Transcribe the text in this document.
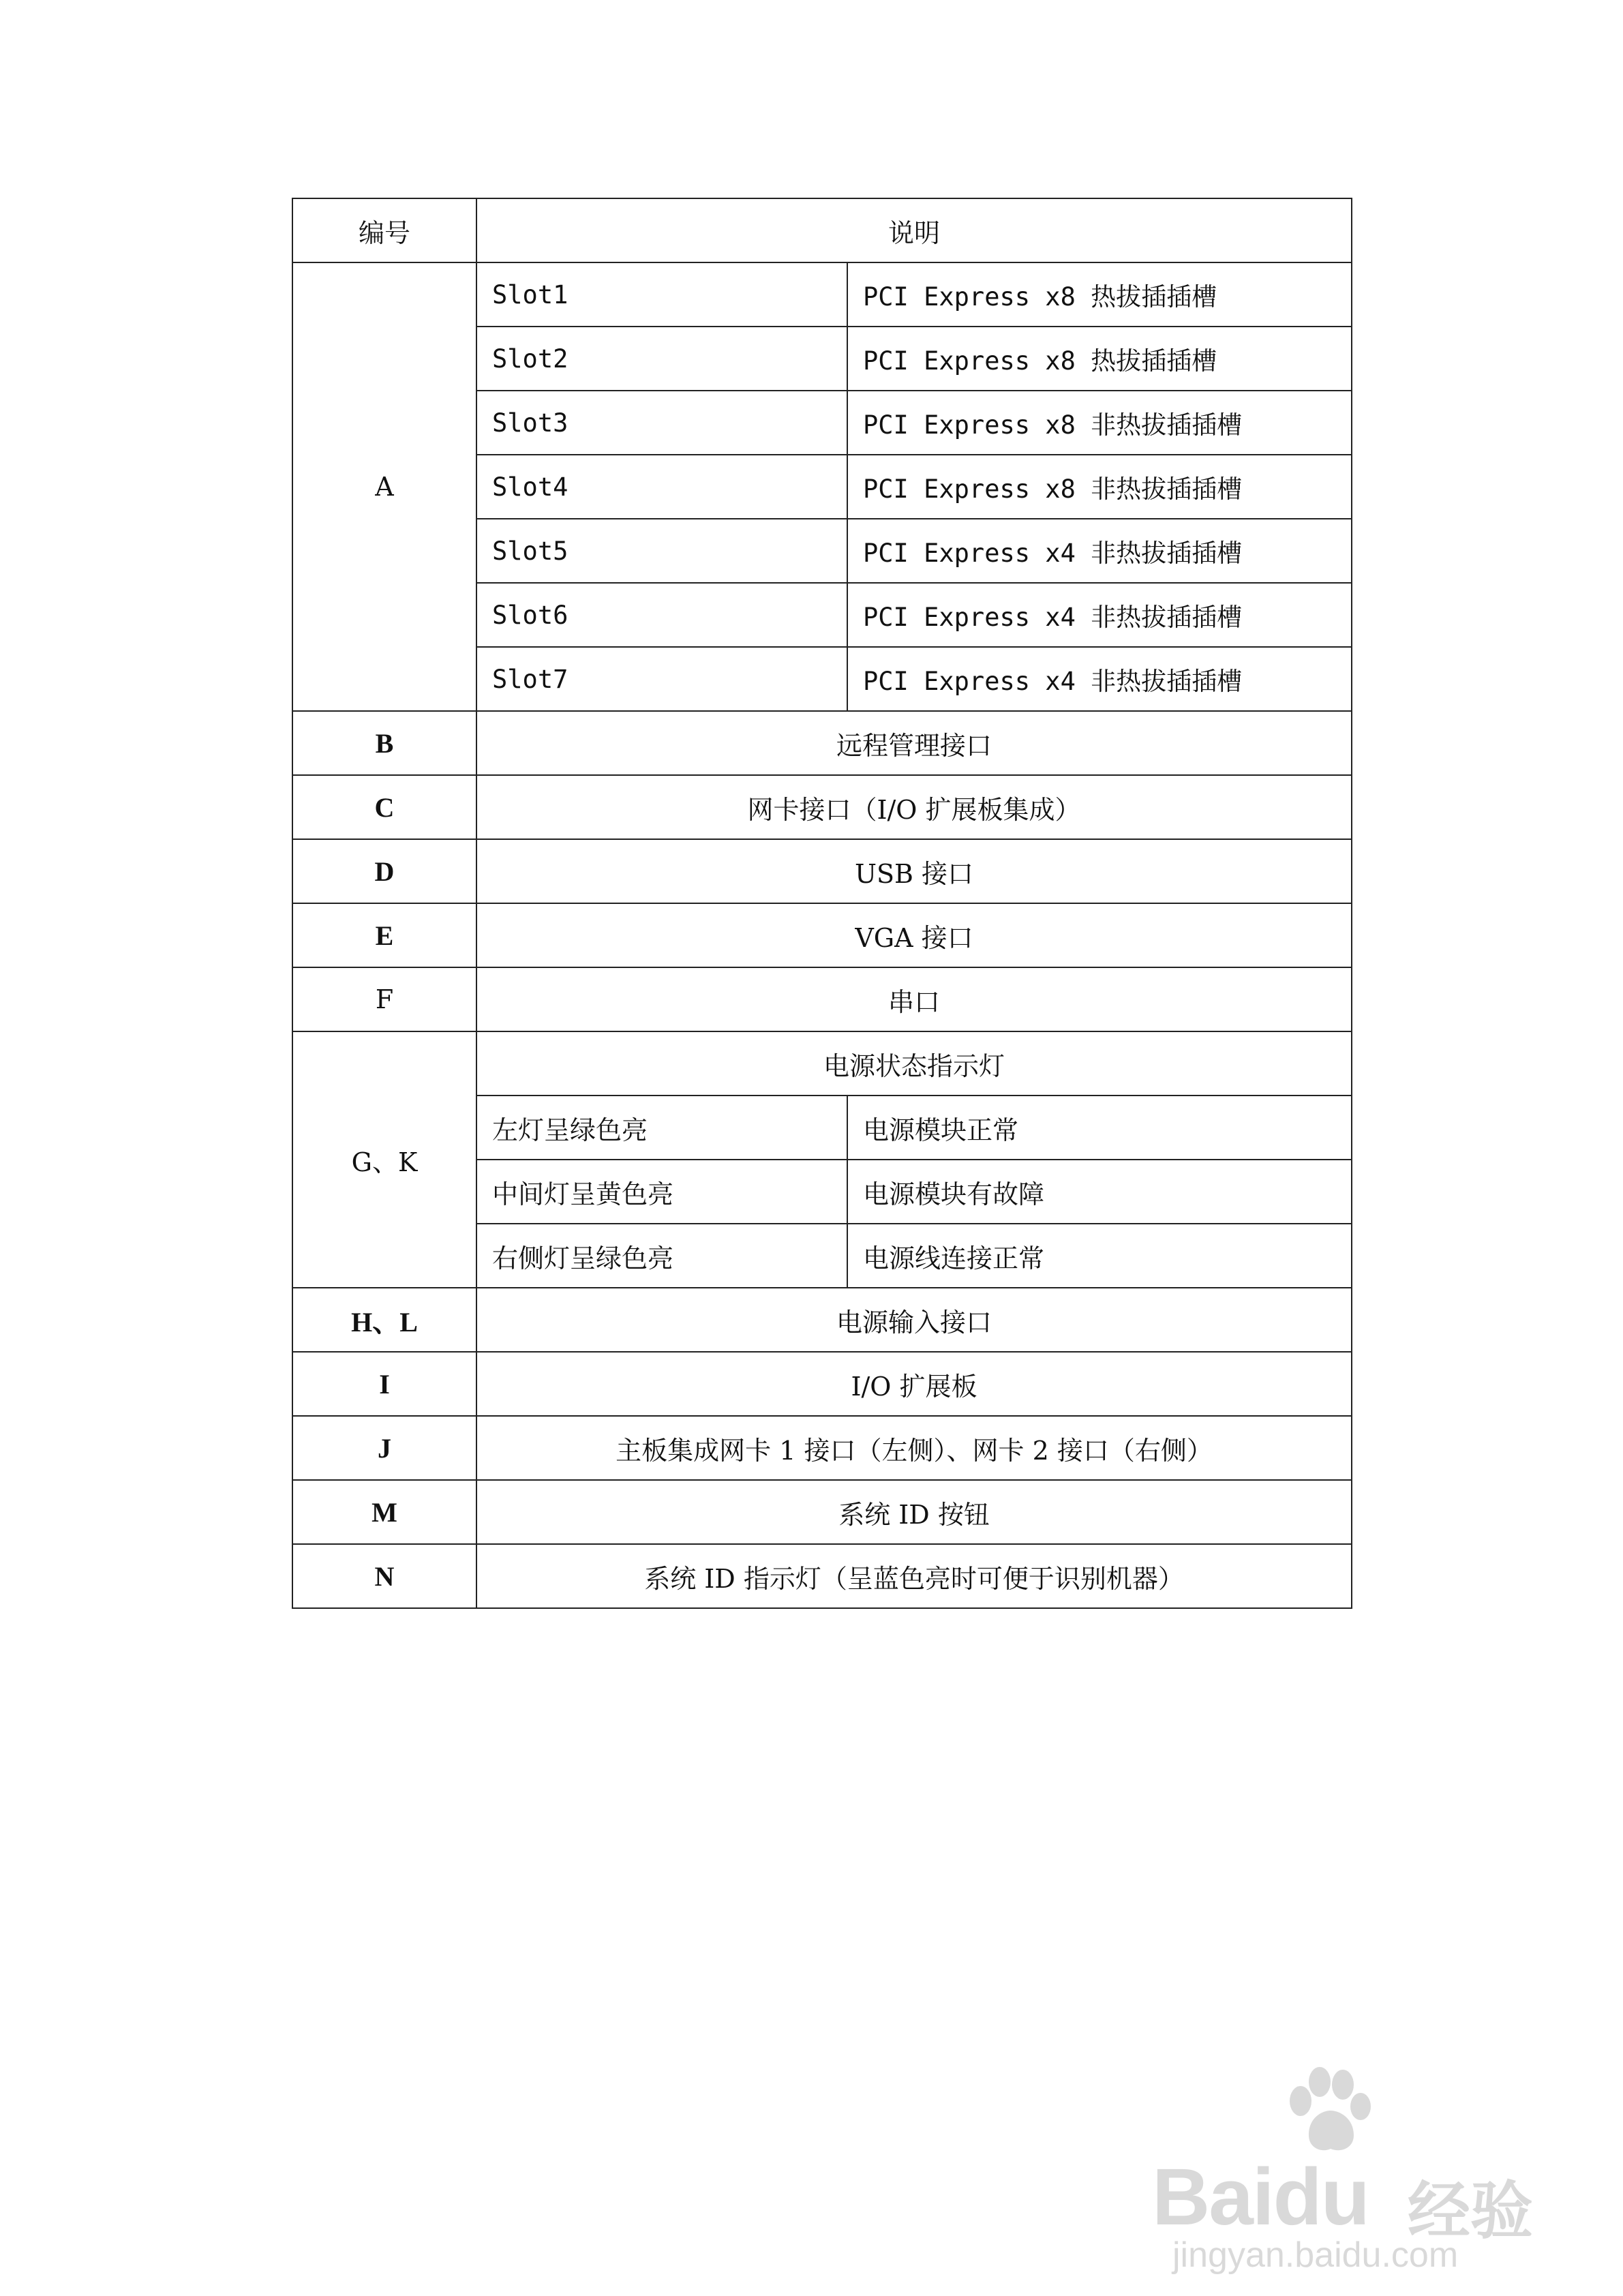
编号	说明	
A	Slot1	PCI Express x8 热拔插插槽
	Slot2	PCI Express x8 热拔插插槽
	Slot3	PCI Express x8 非热拔插插槽
	Slot4	PCI Express x8 非热拔插插槽
	Slot5	PCI Express x4 非热拔插插槽
	Slot6	PCI Express x4 非热拔插插槽
	Slot7	PCI Express x4 非热拔插插槽
B	远程管理接口	
C	网卡接口（I/O 扩展板集成）	
D	USB 接口	
E	VGA 接口	
F	串口	
G、K	电源状态指示灯	
	左灯呈绿色亮	电源模块正常
	中间灯呈黄色亮	电源模块有故障
	右侧灯呈绿色亮	电源线连接正常
H、L	电源输入接口	
I	I/O 扩展板	
J	主板集成网卡 1 接口（左侧）、网卡 2 接口（右侧）	
M	系统 ID 按钮	
N	系统 ID 指示灯（呈蓝色亮时可便于识别机器）	
Baidu 经验
jingyan.baidu.com
